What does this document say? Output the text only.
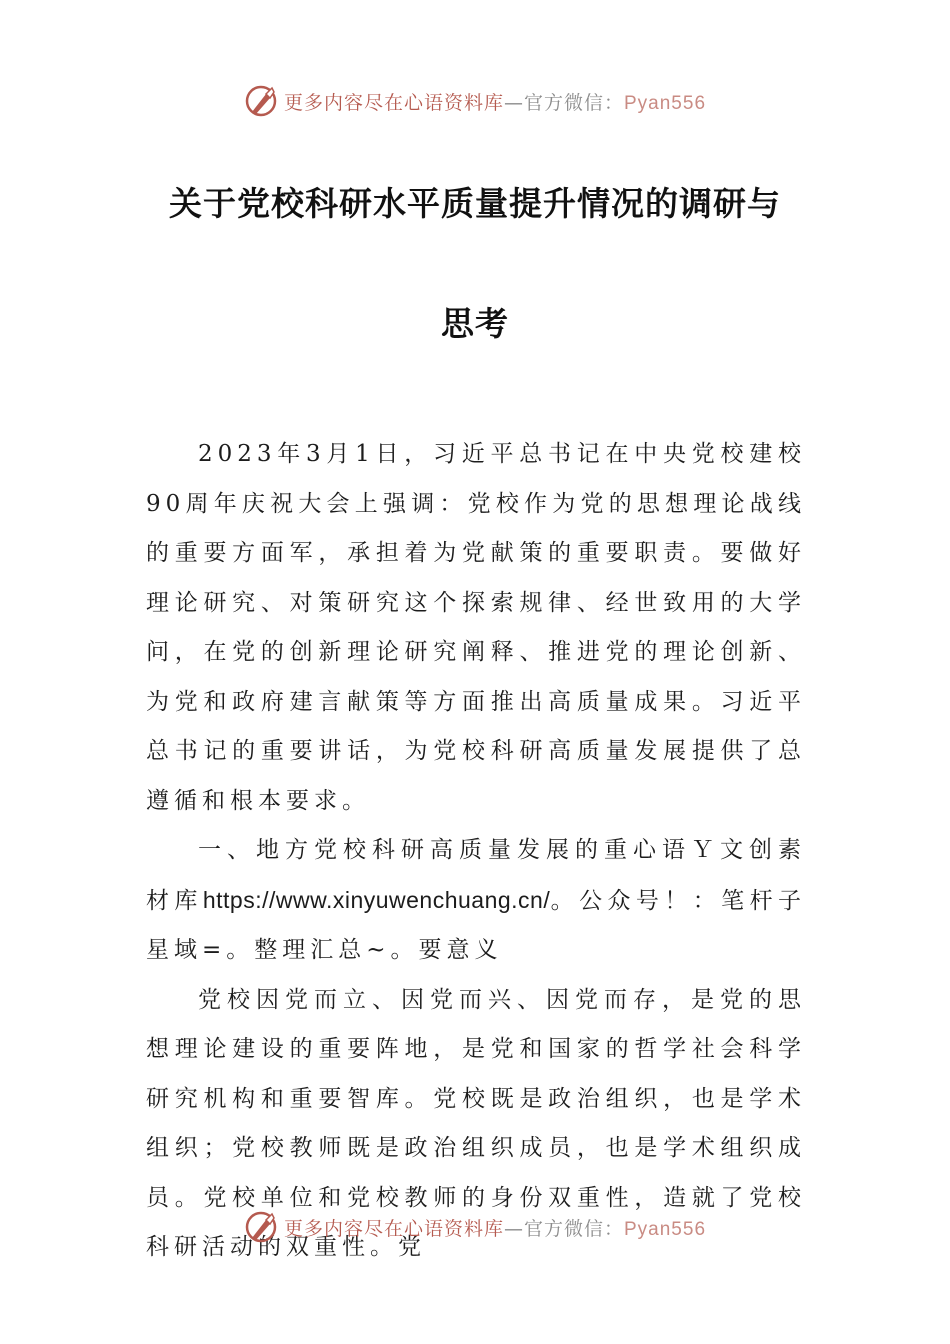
更多内容尽在心语资料库—官方微信：Pyan556
关于党校科研水平质量提升情况的调研与
思考

2023年3月1日，习近平总书记在中央党校建校90周年庆祝大会上强调：党校作为党的思想理论战线的重要方面军，承担着为党献策的重要职责。要做好理论研究、对策研究这个探索规律、经世致用的大学问，在党的创新理论研究阐释、推进党的理论创新、为党和政府建言献策等方面推出高质量成果。习近平总书记的重要讲话，为党校科研高质量发展提供了总遵循和根本要求。

一、地方党校科研高质量发展的重心语Ｙ文创素材库https://www.xinyuwenchuang.cn/。公众号！：笔杆子星域=。整理汇总~。要意义

党校因党而立、因党而兴、因党而存，是党的思想理论建设的重要阵地，是党和国家的哲学社会科学研究机构和重要智库。党校既是政治组织，也是学术组织；党校教师既是政治组织成员，也是学术组织成员。党校单位和党校教师的身份双重性，造就了党校科研活动的双重性。党

更多内容尽在心语资料库—官方微信：Pyan556
